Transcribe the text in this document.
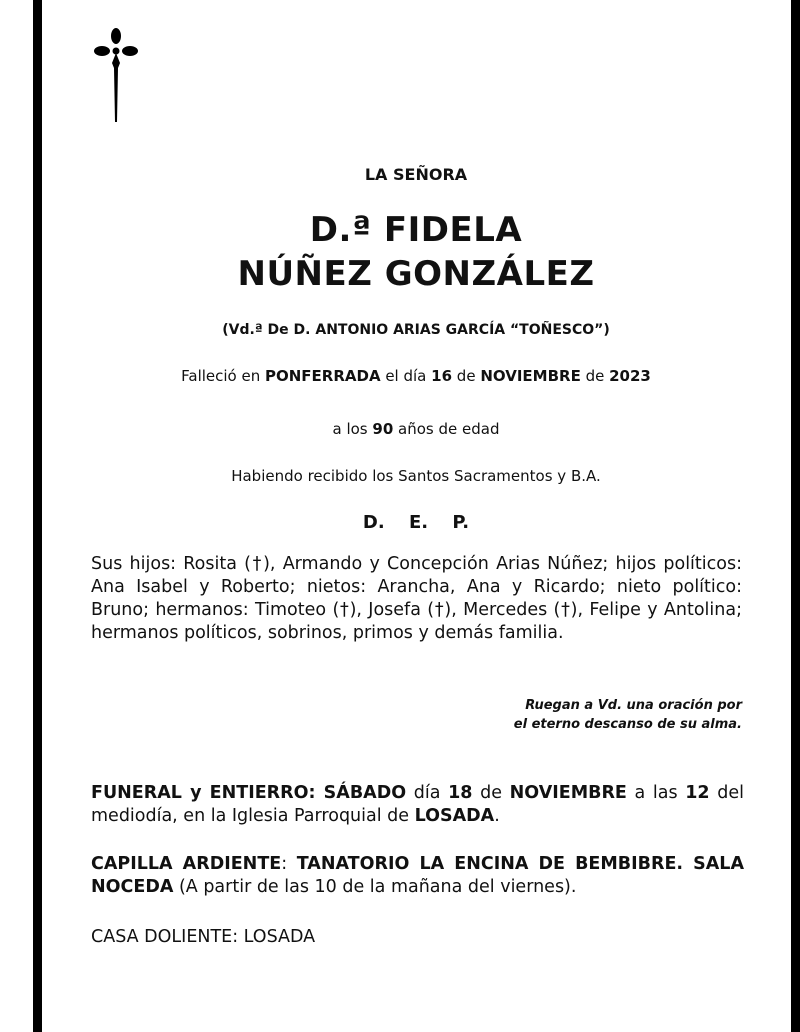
LA SEÑORA
D.ª FIDELA
NÚÑEZ GONZÁLEZ
(Vd.ª De D. ANTONIO ARIAS GARCÍA “TOÑESCO”)
Falleció en PONFERRADA el día 16 de NOVIEMBRE de 2023
a los 90 años de edad
Habiendo recibido los Santos Sacramentos y B.A.
D. E. P.
Sus hijos: Rosita (†), Armando y Concepción Arias Núñez; hijos políticos: Ana Isabel y Roberto; nietos: Arancha, Ana y Ricardo; nieto político: Bruno; hermanos: Timoteo (†), Josefa (†), Mercedes (†), Felipe y Antolina; hermanos políticos, sobrinos, primos y demás familia.
Ruegan a Vd. una oración por
el eterno descanso de su alma.
FUNERAL y ENTIERRO: SÁBADO día 18 de NOVIEMBRE a las 12 del mediodía, en la Iglesia Parroquial de LOSADA.
CAPILLA ARDIENTE: TANATORIO LA ENCINA DE BEMBIBRE. SALA NOCEDA (A partir de las 10 de la mañana del viernes).
CASA DOLIENTE: LOSADA
